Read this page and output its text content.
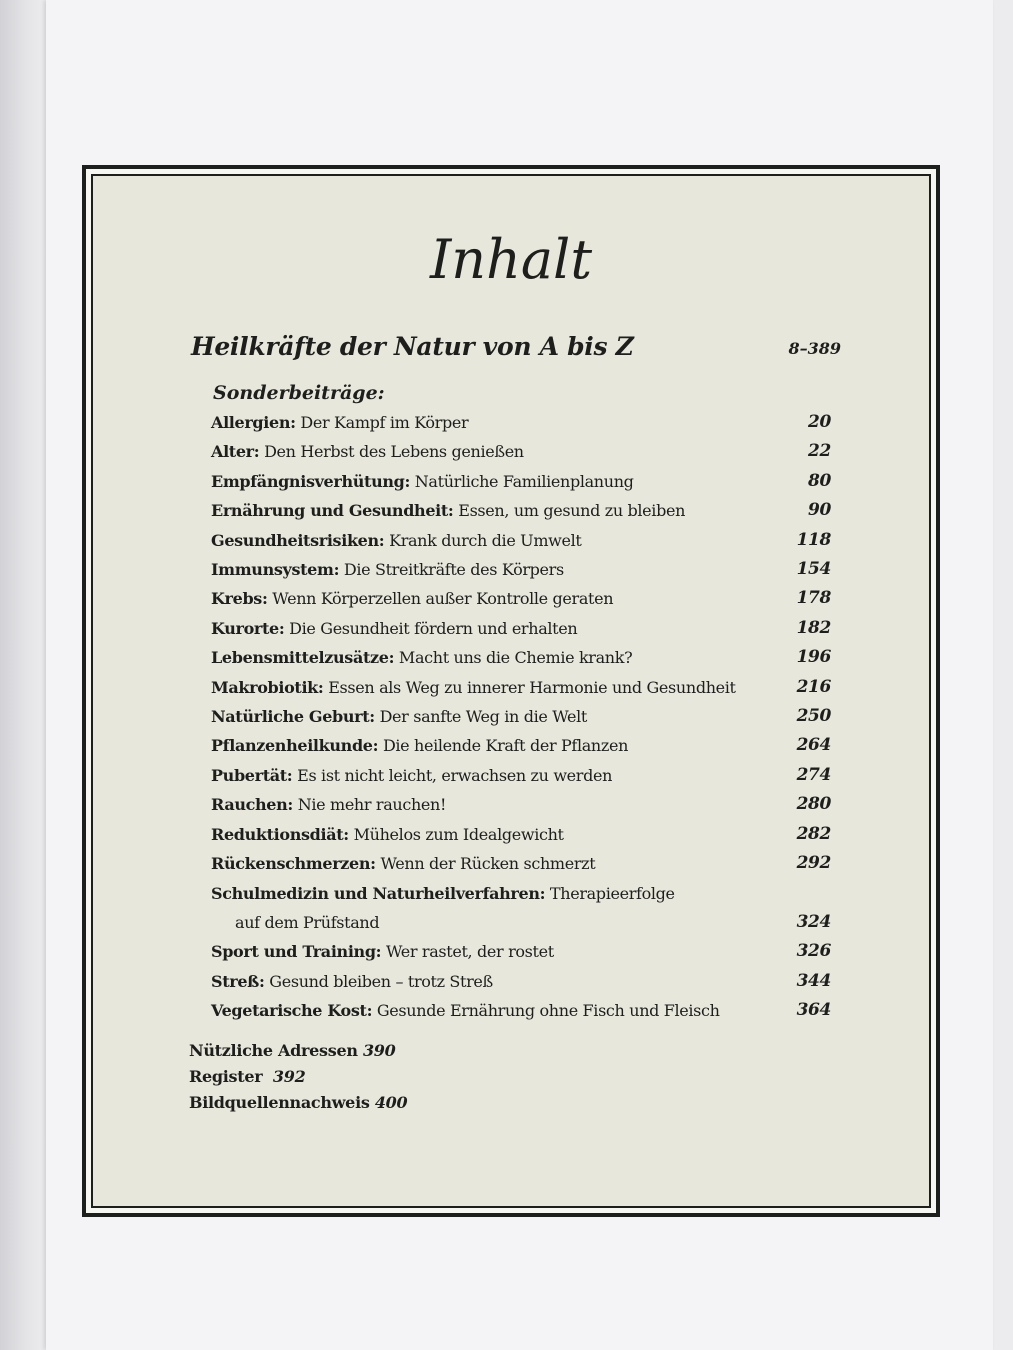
Inhalt
Heilkräfte der Natur von A bis Z	8–389
Sonderbeiträge:
Allergien: Der Kampf im Körper	20
Alter: Den Herbst des Lebens genießen	22
Empfängnisverhütung: Natürliche Familienplanung	80
Ernährung und Gesundheit: Essen, um gesund zu bleiben	90
Gesundheitsrisiken: Krank durch die Umwelt	118
Immunsystem: Die Streitkräfte des Körpers	154
Krebs: Wenn Körperzellen außer Kontrolle geraten	178
Kurorte: Die Gesundheit fördern und erhalten	182
Lebensmittelzusätze: Macht uns die Chemie krank?	196
Makrobiotik: Essen als Weg zu innerer Harmonie und Gesundheit	216
Natürliche Geburt: Der sanfte Weg in die Welt	250
Pflanzenheilkunde: Die heilende Kraft der Pflanzen	264
Pubertät: Es ist nicht leicht, erwachsen zu werden	274
Rauchen: Nie mehr rauchen!	280
Reduktionsdiät: Mühelos zum Idealgewicht	282
Rückenschmerzen: Wenn der Rücken schmerzt	292
Schulmedizin und Naturheilverfahren: Therapieerfolge
auf dem Prüfstand	324
Sport und Training: Wer rastet, der rostet	326
Streß: Gesund bleiben – trotz Streß	344
Vegetarische Kost: Gesunde Ernährung ohne Fisch und Fleisch	364
Nützliche Adressen 390
Register 392
Bildquellennachweis 400
